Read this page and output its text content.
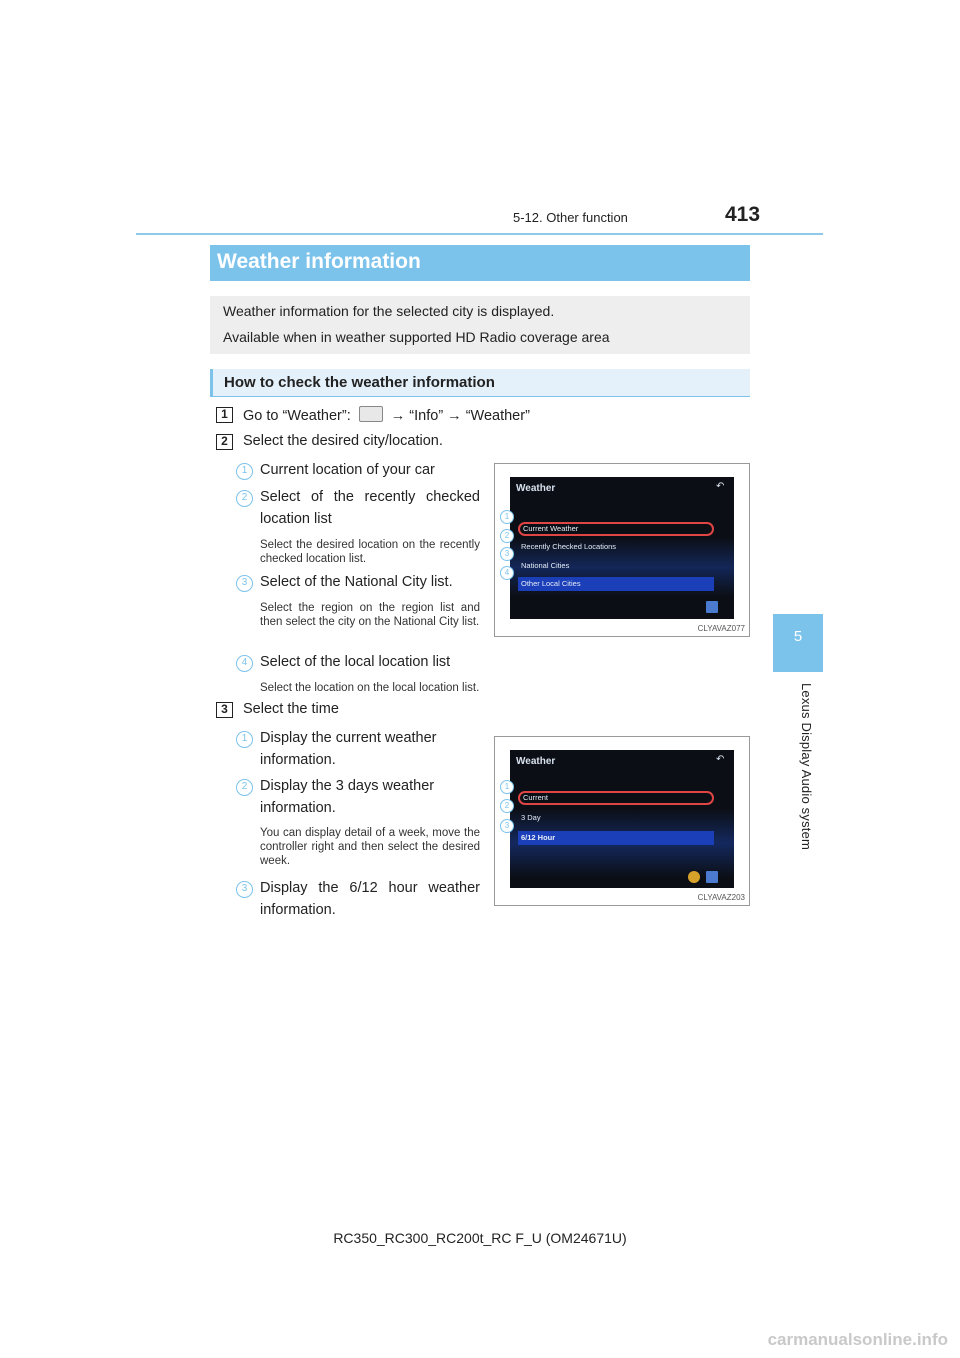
5-12. Other function	413
5
Lexus Display Audio system
Weather information
Weather information for the selected city is displayed.
Available when in weather supported HD Radio coverage area
How to check the weather information
1	Go to “Weather”:  → “Info” → “Weather”
2	Select the desired city/location.
1 Current location of your car
2 Select of the recently checked location list
Select the desired location on the recently checked location list.
3 Select of the National City list.
Select the region on the region list and then select the city on the National City list.
4 Select of the local location list
Select the location on the local location list.
Weather	↶
Current Weather
Recently Checked Locations
National Cities
Other Local Cities
1
2
3
4
CLYAVAZ077
3	Select the time
1 Display the current weather information.
2 Display the 3 days weather information.
You can display detail of a week, move the controller right and then select the desired week.
3 Display the 6/12 hour weather information.
Weather	↶
Current
3 Day
6/12 Hour
1
2
3
CLYAVAZ203
RC350_RC300_RC200t_RC F_U (OM24671U)
carmanualsonline.info
